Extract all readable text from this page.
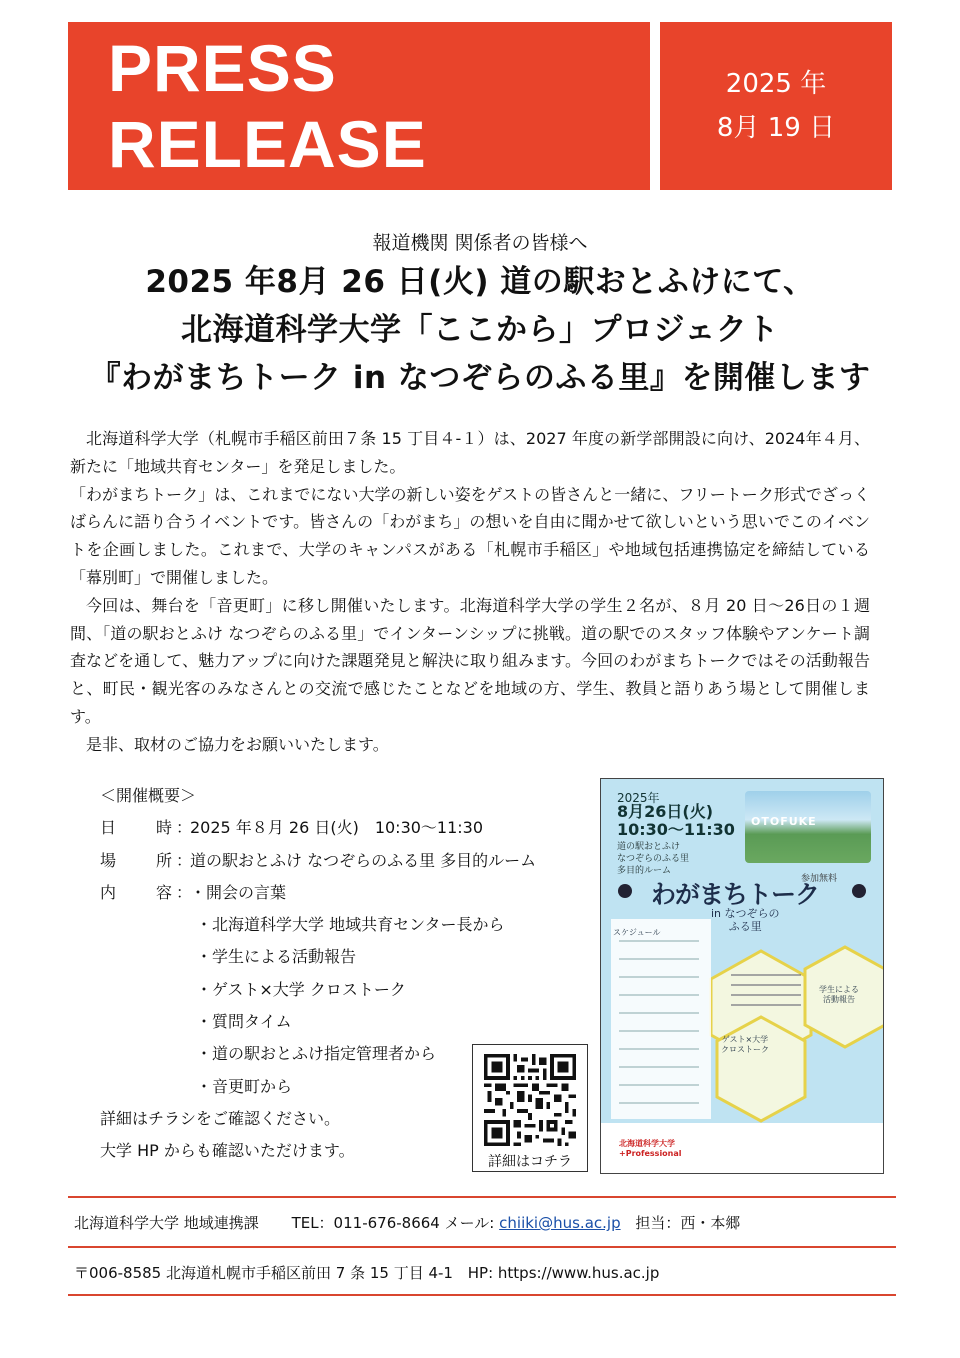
PRESS RELEASE
2025 年
8月 19 日
報道機関 関係者の皆様へ
2025 年8月 26 日(火) 道の駅おとふけにて、
北海道科学大学「ここから」プロジェクト
『わがまちトーク in なつぞらのふる里』を開催します

北海道科学大学（札幌市手稲区前田７条 15 丁目４-１）は、2027 年度の新学部開設に向け、2024年４月、新たに「地域共育センター」を発足しました。

「わがまちトーク」は、これまでにない大学の新しい姿をゲストの皆さんと一緒に、フリートーク形式でざっくばらんに語り合うイベントです。皆さんの「わがまち」の想いを自由に聞かせて欲しいという思いでこのイベントを企画しました。これまで、大学のキャンパスがある「札幌市手稲区」や地域包括連携協定を締結している「幕別町」で開催しました。

今回は、舞台を「音更町」に移し開催いたします。北海道科学大学の学生２名が、８月 20 日～26日の１週間、「道の駅おとふけ なつぞらのふる里」でインターンシップに挑戦。道の駅でのスタッフ体験やアンケート調査などを通して、魅力アップに向けた課題発見と解決に取り組みます。今回のわがまちトークではその活動報告と、町民・観光客のみなさんとの交流で感じたことなどを地域の方、学生、教員と語りあう場として開催します。

是非、取材のご協力をお願いいたします。

＜開催概要＞
日 時 ：
2025 年８月 26 日(火)　10:30～11:30
場 所 ：
道の駅おとふけ なつぞらのふる里 多目的ルーム
内 容 ：
・開会の言葉
・北海道科学大学 地域共育センター長から
・学生による活動報告
・ゲスト×大学 クロストーク
・質問タイム
・道の駅おとふけ指定管理者から
・音更町から
詳細はチラシをご確認ください。
大学 HP からも確認いただけます。
詳細はコチラ
OTOFUKE
2025年
8月26日(火)
10:30～11:30
道の駅おとふけ
なつぞらのふる里
多目的ルーム
参加無料
わがまちトーク
in なつぞらの
ふる里
スケジュール
ゲスト×大学
クロストーク
学生による
活動報告
北海道科学大学
+Professional
北海道科学大学 地域連携課 TEL：011-676-8664 メール: chiiki@hus.ac.jp 担当：西・本郷
〒006-8585 北海道札幌市手稲区前田 7 条 15 丁目 4-1 HP: https://www.hus.ac.jp
